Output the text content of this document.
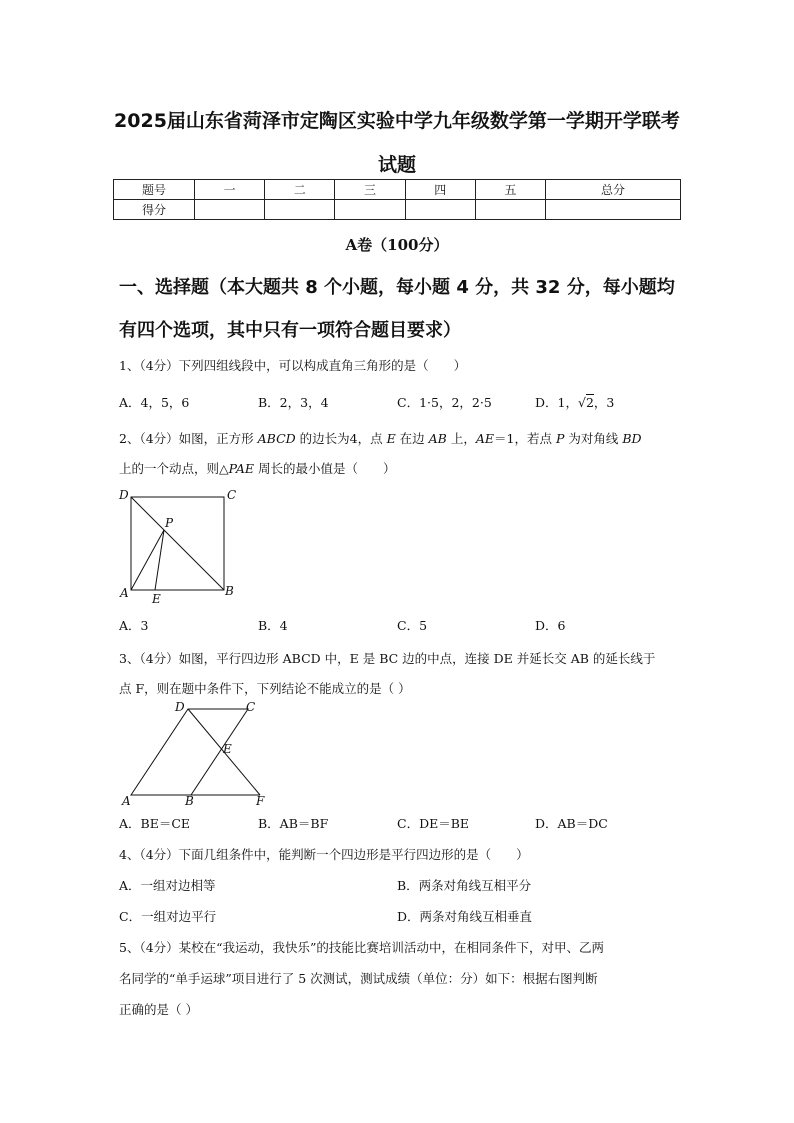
2025届山东省菏泽市定陶区实验中学九年级数学第一学期开学联考
试题
题号	一	二	三	四	五	总分
得分						
A卷（100分）
一、选择题（本大题共 8 个小题，每小题 4 分，共 32 分，每小题均
有四个选项，其中只有一项符合题目要求）
1、（4分）下列四组线段中，可以构成直角三角形的是（　　）
A．4，5，6	B．2，3，4	C．1·5，2，2·5	D．1，√2，3
2、（4分）如图，正方形 ABCD 的边长为4，点 E 在边 AB 上，AE＝1，若点 P 为对角线 BD
上的一个动点，则△PAE 周长的最小值是（　　）
D	C
P
A E
B
A．3	B．4	C．5	D．6
3、（4分）如图，平行四边形 ABCD 中，E 是 BC 边的中点，连接 DE 并延长交 AB 的延长线于
点 F，则在题中条件下，下列结论不能成立的是（ ）
D	C
E
A	B	F
A．BE＝CE	B．AB＝BF	C．DE＝BE	D．AB＝DC
4、（4分）下面几组条件中，能判断一个四边形是平行四边形的是（　　）
A．一组对边相等	B．两条对角线互相平分
C．一组对边平行	D．两条对角线互相垂直
5、（4分）某校在“我运动，我快乐”的技能比赛培训活动中，在相同条件下，对甲、乙两
名同学的“单手运球”项目进行了 5 次测试，测试成绩（单位：分）如下：根据右图判断
正确的是（ ）
